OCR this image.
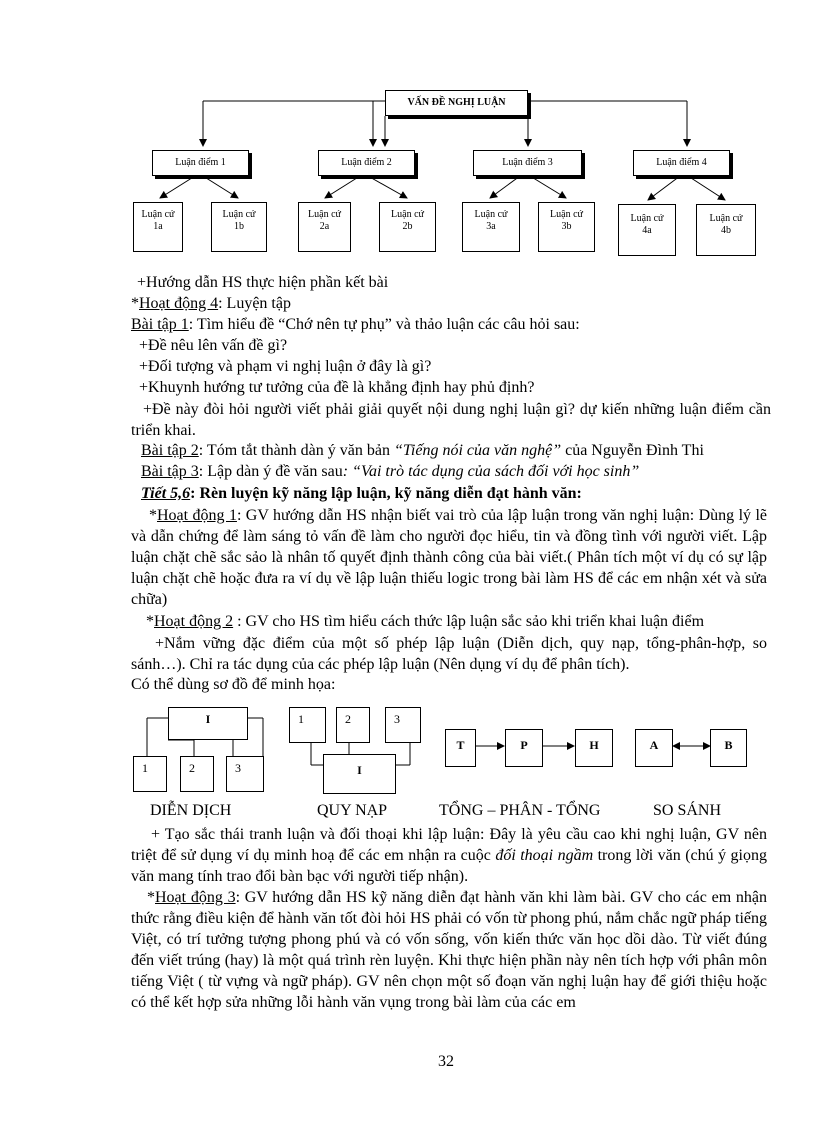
VẤN ĐỀ NGHỊ LUẬN
Luận điểm 1	Luận điểm 2	Luận điểm 3	Luận điểm 4
Luận cứ
1a
Luận cứ
1b
Luận cứ
2a
Luận cứ
2b
Luận cứ
3a
Luận cứ
3b
Luận cứ
4a
Luận cứ
4b
+Hướng dẫn HS thực hiện phần kết bài
*Hoạt động 4: Luyện tập
Bài tập 1: Tìm hiểu đề “Chớ nên tự phụ” và thảo luận các câu hỏi sau:
+Đề nêu lên vấn đề gì?
+Đối tượng và phạm vi nghị luận ở đây là gì?
+Khuynh hướng tư tưởng của đề là khẳng định hay phủ định?
+Đề này đòi hỏi người viết phải giải quyết nội dung nghị luận gì? dự kiến những luận điểm cần triển khai.
Bài tập 2: Tóm tắt thành dàn ý văn bản “Tiếng nói của văn nghệ” của Nguyễn Đình Thi
Bài tập 3: Lập dàn ý đề văn sau: “Vai trò tác dụng của sách đối với học sinh”
Tiết 5,6: Rèn luyện kỹ năng lập luận, kỹ năng diễn đạt hành văn:
*Hoạt động 1: GV hướng dẫn HS nhận biết vai trò của lập luận trong văn nghị luận: Dùng lý lẽ và dẫn chứng để làm sáng tỏ vấn đề làm cho người đọc hiểu, tin và đồng tình với người viết. Lập luận chặt chẽ sắc sảo là nhân tố quyết định thành công của bài viết.( Phân tích một ví dụ có sự lập luận chặt chẽ hoặc đưa ra ví dụ về lập luận thiếu logic trong bài làm HS để các em nhận xét và sửa chữa)
*Hoạt động 2 : GV cho HS tìm hiểu cách thức lập luận sắc sảo khi triển khai luận điểm
+Nắm vững đặc điểm của một số phép lập luận (Diễn dịch, quy nạp, tổng-phân-hợp, so sánh…). Chỉ ra tác dụng của các phép lập luận (Nên dụng ví dụ để phân tích).
Có thể dùng sơ đồ để minh họa:
I
1	2	3
1	2	3
I
T	P	H	A	B
DIỄN DỊCH	QUY NẠP	TỔNG – PHÂN - TỔNG	SO SÁNH
+ Tạo sắc thái tranh luận và đối thoại khi lập luận: Đây là yêu cầu cao khi nghị luận, GV nên triệt để sử dụng ví dụ minh hoạ để các em nhận ra cuộc đối thoại ngầm trong lời văn (chú ý giọng văn mang tính trao đổi bàn bạc với người tiếp nhận).
*Hoạt động 3: GV hướng dẫn HS kỹ năng diễn đạt hành văn khi làm bài. GV cho các em nhận thức rằng điều kiện để hành văn tốt đòi hỏi HS phải có vốn từ phong phú, nắm chắc ngữ pháp tiếng Việt, có trí tưởng tượng phong phú và có vốn sống, vốn kiến thức văn học dồi dào. Từ viết đúng đến viết trúng (hay) là một quá trình rèn luyện. Khi thực hiện phần này nên tích hợp với phân môn tiếng Việt ( từ vựng và ngữ pháp). GV nên chọn một số đoạn văn nghị luận hay để giới thiệu hoặc có thể kết hợp sửa những lỗi hành văn vụng trong bài làm của các em
32
